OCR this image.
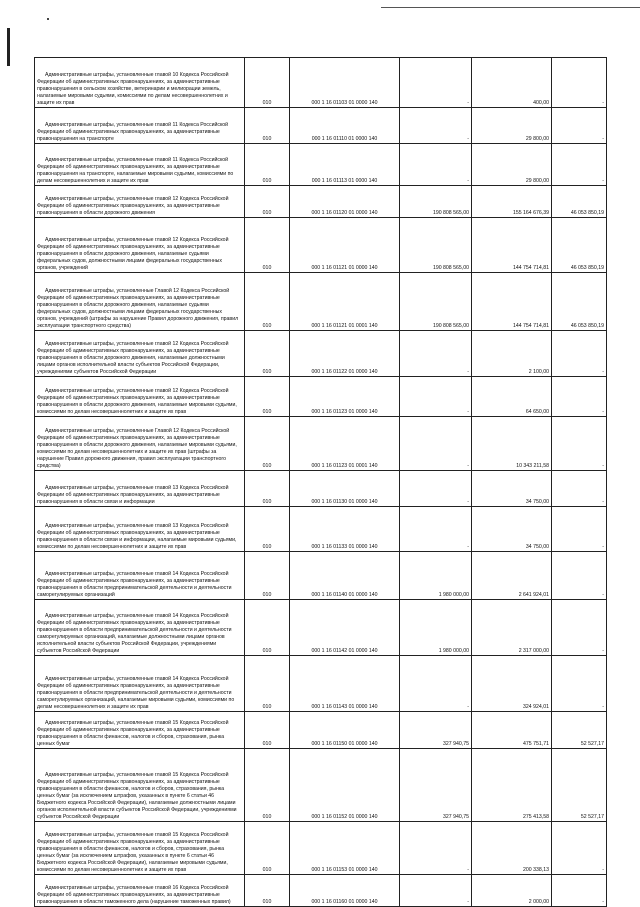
Административные штрафы, установленные главой 10 Кодекса Российской Федерации об административных правонарушениях, за административные правонарушения в сельском хозяйстве, ветеринарии и мелиорации земель, налагаемые мировыми судьями, комиссиями по делам несовершеннолетних и защите их прав	010	000 1 16 01103 01 0000 140	-	400,00	-

Административные штрафы, установленные главой 11 Кодекса Российской Федерации об административных правонарушениях, за административные правонарушения на транспорте	010	000 1 16 01110 01 0000 140	-	29 800,00	-

Административные штрафы, установленные главой 11 Кодекса Российской Федерации об административных правонарушениях, за административные правонарушения на транспорте, налагаемые мировыми судьями, комиссиями по делам несовершеннолетних и защите их прав	010	000 1 16 01113 01 0000 140	-	29 800,00	-

Административные штрафы, установленные главой 12 Кодекса Российской Федерации об административных правонарушениях, за административные правонарушения в области дорожного движения	010	000 1 16 01120 01 0000 140	190 808 565,00	155 164 676,39	46 053 850,19

Административные штрафы, установленные главой 12 Кодекса Российской Федерации об административных правонарушениях, за административные правонарушения в области дорожного движения, налагаемые судьями федеральных судов, должностными лицами федеральных государственных органов, учреждений	010	000 1 16 01121 01 0000 140	190 808 565,00	144 754 714,81	46 053 850,19

Административные штрафы, установленные Главой 12 Кодекса Российской Федерации об административных правонарушениях, за административные правонарушения в области дорожного движения, налагаемые судьями федеральных судов, должностными лицами федеральных государственных органов, учреждений (штрафы за нарушение Правил дорожного движения, правил эксплуатации транспортного средства)	010	000 1 16 01121 01 0001 140	190 808 565,00	144 754 714,81	46 053 850,19

Административные штрафы, установленные главой 12 Кодекса Российской Федерации об административных правонарушениях, за административные правонарушения в области дорожного движения, налагаемые должностными лицами органов исполнительной власти субъектов Российской Федерации, учреждениями субъектов Российской Федерации	010	000 1 16 01122 01 0000 140	-	2 100,00	-

Административные штрафы, установленные главой 12 Кодекса Российской Федерации об административных правонарушениях, за административные правонарушения в области дорожного движения, налагаемые мировыми судьями, комиссиями по делам несовершеннолетних и защите их прав	010	000 1 16 01123 01 0000 140	-	64 650,00	-

Административные штрафы, установленные Главой 12 Кодекса Российской Федерации об административных правонарушениях, за административные правонарушения в области дорожного движения, налагаемые мировыми судьями, комиссиями по делам несовершеннолетних и защите их прав (штрафы за нарушение Правил дорожного движения, правил эксплуатации транспортного средства)	010	000 1 16 01123 01 0001 140	-	10 343 211,58	-

Административные штрафы, установленные главой 13 Кодекса Российской Федерации об административных правонарушениях, за административные правонарушения в области связи и информации	010	000 1 16 01130 01 0000 140	-	34 750,00	-

Административные штрафы, установленные главой 13 Кодекса Российской Федерации об административных правонарушениях, за административные правонарушения в области связи и информации, налагаемые мировыми судьями, комиссиями по делам несовершеннолетних и защите их прав	010	000 1 16 01133 01 0000 140	-	34 750,00	-

Административные штрафы, установленные главой 14 Кодекса Российской Федерации об административных правонарушениях, за административные правонарушения в области предпринимательской деятельности и деятельности саморегулируемых организаций	010	000 1 16 01140 01 0000 140	1 980 000,00	2 641 924,01	-

Административные штрафы, установленные главой 14 Кодекса Российской Федерации об административных правонарушениях, за административные правонарушения в области предпринимательской деятельности и деятельности саморегулируемых организаций, налагаемые должностными лицами органов исполнительной власти субъектов Российской Федерации, учреждениями субъектов Российской Федерации	010	000 1 16 01142 01 0000 140	1 980 000,00	2 317 000,00	-

Административные штрафы, установленные главой 14 Кодекса Российской Федерации об административных правонарушениях, за административные правонарушения в области предпринимательской деятельности и деятельности саморегулируемых организаций, налагаемые мировыми судьями, комиссиями по делам несовершеннолетних и защите их прав	010	000 1 16 01143 01 0000 140	-	324 924,01	-

Административные штрафы, установленные главой 15 Кодекса Российской Федерации об административных правонарушениях, за административные правонарушения в области финансов, налогов и сборов, страхования, рынка ценных бумаг	010	000 1 16 01150 01 0000 140	327 940,75	475 751,71	52 527,17

Административные штрафы, установленные главой 15 Кодекса Российской Федерации об административных правонарушениях, за административные правонарушения в области финансов, налогов и сборов, страхования, рынка ценных бумаг (за исключением штрафов, указанных в пункте 6 статьи 46 Бюджетного кодекса Российской Федерации), налагаемые должностными лицами органов исполнительной власти субъектов Российской Федерации, учреждениями субъектов Российской Федерации	010	000 1 16 01152 01 0000 140	327 940,75	275 413,58	52 527,17

Административные штрафы, установленные главой 15 Кодекса Российской Федерации об административных правонарушениях, за административные правонарушения в области финансов, налогов и сборов, страхования, рынка ценных бумаг (за исключением штрафов, указанных в пункте 6 статьи 46 Бюджетного кодекса Российской Федерации), налагаемые мировыми судьями, комиссиями по делам несовершеннолетних и защите их прав	010	000 1 16 01153 01 0000 140	-	200 338,13	-

Административные штрафы, установленные главой 16 Кодекса Российской Федерации об административных правонарушениях, за административные правонарушения в области таможенного дела (нарушение таможенных правил)	010	000 1 16 01160 01 0000 140	-	2 000,00	-
